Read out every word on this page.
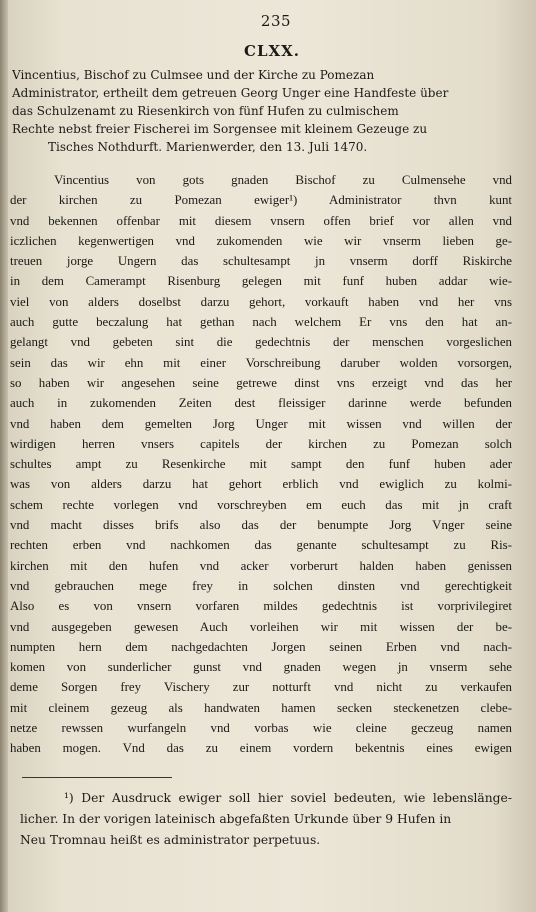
235
CLXX.
Vincentius, Bischof zu Culmsee und der Kirche zu Pomezan
Administrator, ertheilt dem getreuen Georg Unger eine Handfeste über
das Schulzenamt zu Riesenkirch von fünf Hufen zu culmischem
Rechte nebst freier Fischerei im Sorgensee mit kleinem Gezeuge zu
Tisches Nothdurft. Marienwerder, den 13. Juli 1470.
Vincentius von gots gnaden Bischof zu Culmensehe vnd
der kirchen zu Pomezan ewiger¹) Administrator thvn kunt
vnd bekennen offenbar mit diesem vnsern offen brief vor allen vnd
iczlichen kegenwertigen vnd zukomenden wie wir vnserm lieben ge-
treuen jorge Ungern das schultesampt jn vnserm dorff Riskirche
in dem Camerampt Risenburg gelegen mit funf huben addar wie-
viel von alders doselbst darzu gehort, vorkauft haben vnd her vns
auch gutte beczalung hat gethan nach welchem Er vns den hat an-
gelangt vnd gebeten sint die gedechtnis der menschen vorgeslichen
sein das wir ehn mit einer Vorschreibung daruber wolden vorsorgen,
so haben wir angesehen seine getrewe dinst vns erzeigt vnd das her
auch in zukomenden Zeiten dest fleissiger darinne werde befunden
vnd haben dem gemelten Jorg Unger mit wissen vnd willen der
wirdigen herren vnsers capitels der kirchen zu Pomezan solch
schultes ampt zu Resenkirche mit sampt den funf huben ader
was von alders darzu hat gehort erblich vnd ewiglich zu kolmi-
schem rechte vorlegen vnd vorschreyben em euch das mit jn craft
vnd macht disses brifs also das der benumpte Jorg Vnger seine
rechten erben vnd nachkomen das genante schultesampt zu Ris-
kirchen mit den hufen vnd acker vorberurt halden haben genissen
vnd gebrauchen mege frey in solchen dinsten vnd gerechtigkeit
Also es von vnsern vorfaren mildes gedechtnis ist vorprivilegiret
vnd ausgegeben gewesen Auch vorleihen wir mit wissen der be-
numpten hern dem nachgedachten Jorgen seinen Erben vnd nach-
komen von sunderlicher gunst vnd gnaden wegen jn vnserm sehe
deme Sorgen frey Vischery zur notturft vnd nicht zu verkaufen
mit cleinem gezeug als handwaten hamen secken steckenetzen clebe-
netze rewssen wurfangeln vnd vorbas wie cleine geczeug namen
haben mogen. Vnd das zu einem vordern bekentnis eines ewigen
¹) Der Ausdruck ewiger soll hier soviel bedeuten, wie lebenslänge-
licher. In der vorigen lateinisch abgefaßten Urkunde über 9 Hufen in
Neu Tromnau heißt es administrator perpetuus.
